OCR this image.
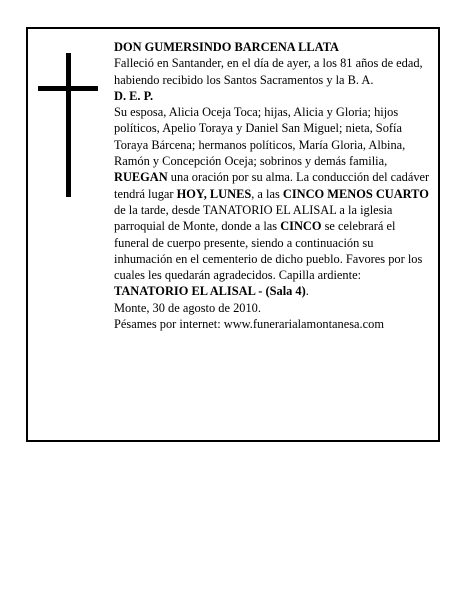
DON GUMERSINDO BARCENA LLATA

Falleció en Santander, en el día de ayer, a los 81 años de edad,

habiendo recibido los Santos Sacramentos y la B. A.

D. E. P.

Su esposa, Alicia Oceja Toca; hijas, Alicia y Gloria; hijos políticos, Apelio Toraya y Daniel San Miguel; nieta, Sofía Toraya Bárcena; hermanos políticos, María Gloria, Albina, Ramón y Concepción Oceja; sobrinos y demás familia,

RUEGAN una oración por su alma. La conducción del cadáver tendrá lugar HOY, LUNES, a las CINCO MENOS CUARTO de la tarde, desde TANATORIO EL ALISAL a la iglesia parroquial de Monte, donde a las CINCO se celebrará el funeral de cuerpo presente, siendo a continuación su inhumación en el cementerio de dicho pueblo. Favores por los cuales les quedarán agradecidos. Capilla ardiente: TANATORIO EL ALISAL - (Sala 4).

Monte, 30 de agosto de 2010.

Pésames por internet: www.funerarialamontanesa.com
